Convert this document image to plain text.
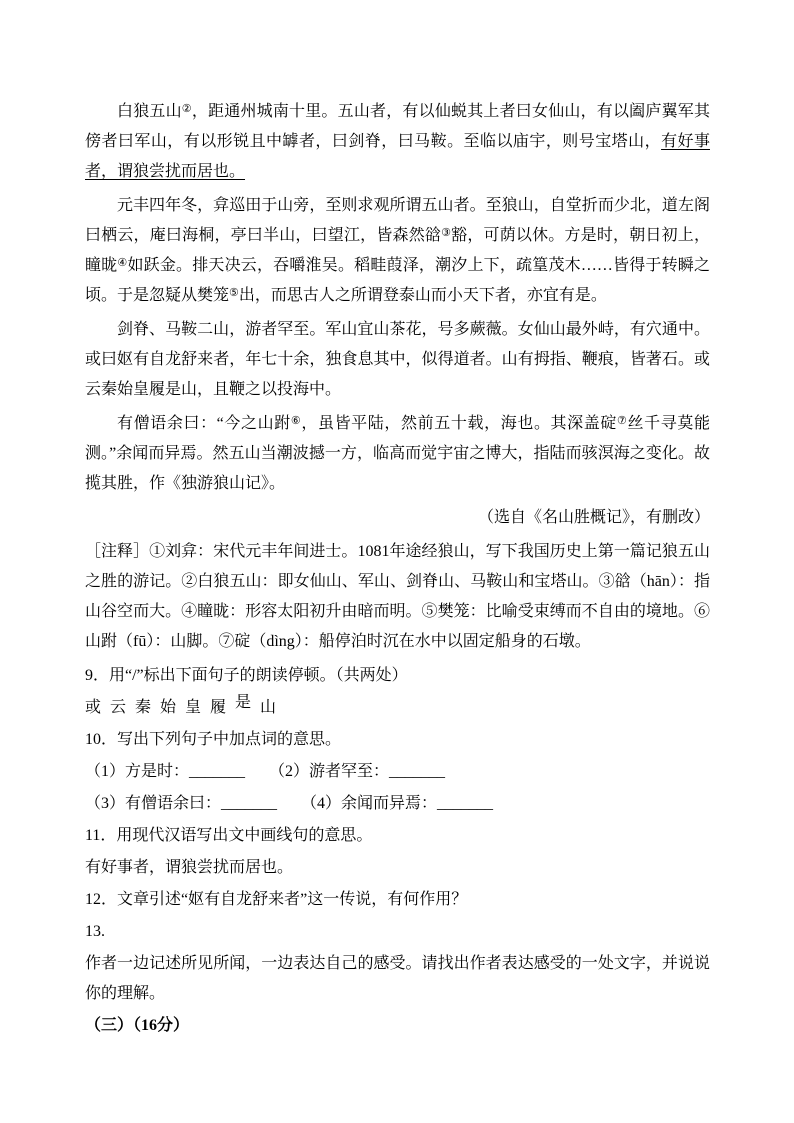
白狼五山②，距通州城南十里。五山者，有以仙蜕其上者曰女仙山，有以阖庐翼军其傍者曰军山，有以形锐且中罅者，曰剑脊，曰马鞍。至临以庙宇，则号宝塔山，有好事者，谓狼尝扰而居也。

元丰四年冬，弇巡田于山旁，至则求观所谓五山者。至狼山，自堂折而少北，道左阁曰栖云，庵曰海桐，亭曰半山，曰望江，皆森然谽③豁，可荫以休。方是时，朝日初上，瞳昽④如跃金。排天决云，吞嚼淮吴。稻畦葭泽，潮汐上下，疏篁茂木……皆得于转瞬之顷。于是忽疑从樊笼⑤出，而思古人之所谓登泰山而小天下者，亦宜有是。

剑脊、马鞍二山，游者罕至。军山宜山茶花，号多蕨薇。女仙山最外峙，有穴通中。或曰妪有自龙舒来者，年七十余，独食息其中，似得道者。山有拇指、鞭痕，皆著石。或云秦始皇履是山，且鞭之以投海中。

有僧语余曰：“今之山跗⑥，虽皆平陆，然前五十载，海也。其深盖碇⑦丝千寻莫能测。”余闻而异焉。然五山当潮波撼一方，临高而觉宇宙之博大，指陆而骇溟海之变化。故揽其胜，作《独游狼山记》。

（选自《名山胜概记》，有删改）

［注释］①刘弇：宋代元丰年间进士。1081年途经狼山，写下我国历史上第一篇记狼五山之胜的游记。②白狼五山：即女仙山、军山、剑脊山、马鞍山和宝塔山。③谽（hān）：指山谷空而大。④瞳昽：形容太阳初升由暗而明。⑤樊笼：比喻受束缚而不自由的境地。⑥山跗（fū）：山脚。⑦碇（dìng）：船停泊时沉在水中以固定船身的石墩。

9．用“/”标出下面句子的朗读停顿。（共两处）

或 云 秦 始 皇 履 是 山

10．写出下列句子中加点词的意思。

（1）方是时：_______　　（2）游者罕至：_______

（3）有僧语余曰：_______　　（4）余闻而异焉：_______

11．用现代汉语写出文中画线句的意思。

有好事者，谓狼尝扰而居也。

12．文章引述“妪有自龙舒来者”这一传说，有何作用？

13.

作者一边记述所见所闻，一边表达自己的感受。请找出作者表达感受的一处文字，并说说你的理解。

（三）（16分）
